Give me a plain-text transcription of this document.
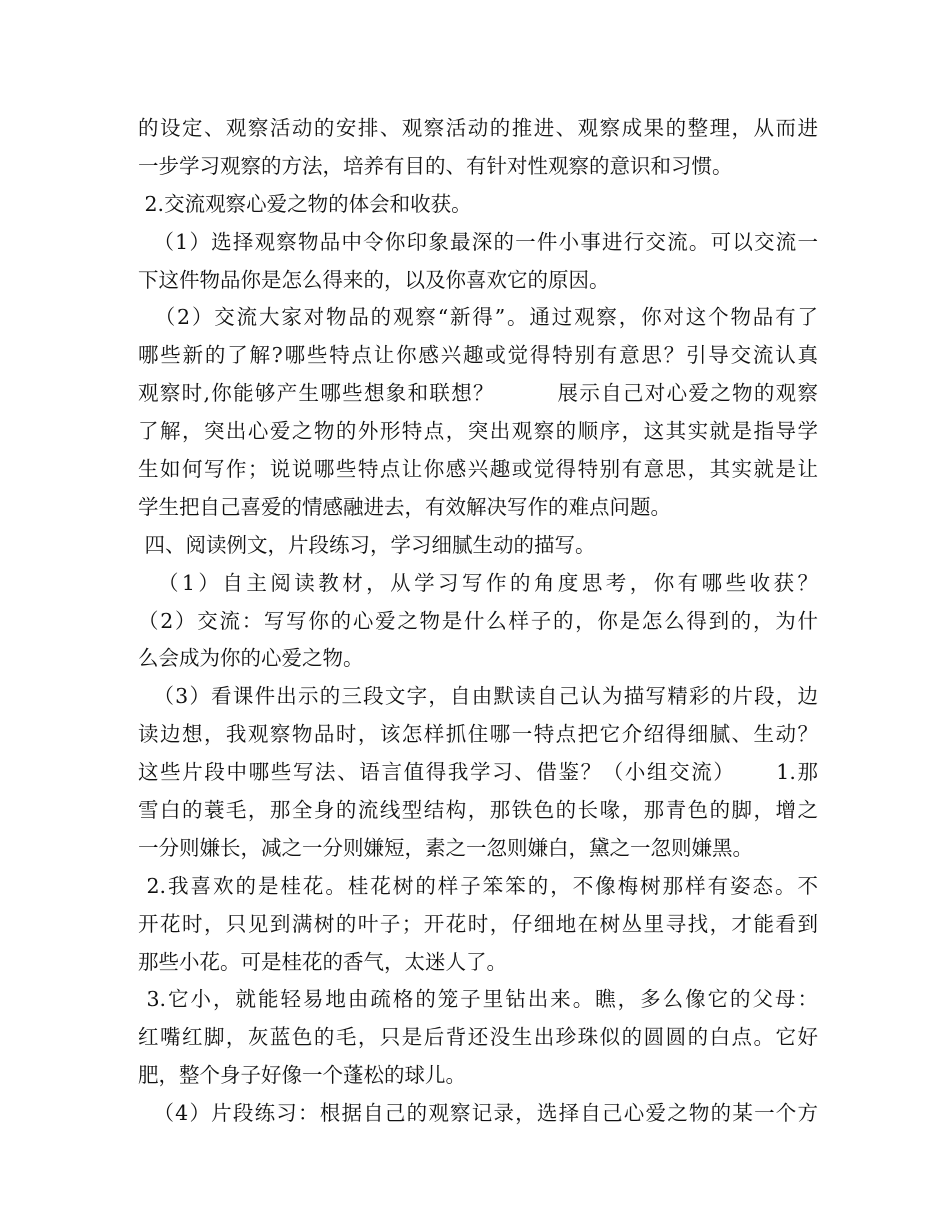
的设定、观察活动的安排、观察活动的推进、观察成果的整理，从而进
一步学习观察的方法，培养有目的、有针对性观察的意识和习惯。
2.交流观察心爱之物的体会和收获。
（1）选择观察物品中令你印象最深的一件小事进行交流。可以交流一
下这件物品你是怎么得来的，以及你喜欢它的原因。
（2）交流大家对物品的观察“新得”。通过观察，你对这个物品有了
哪些新的了解?哪些特点让你感兴趣或觉得特别有意思？引导交流认真
观察时,你能够产生哪些想象和联想？        展示自己对心爱之物的观察
了解，突出心爱之物的外形特点，突出观察的顺序，这其实就是指导学
生如何写作；说说哪些特点让你感兴趣或觉得特别有意思，其实就是让
学生把自己喜爱的情感融进去，有效解决写作的难点问题。
四、阅读例文，片段练习，学习细腻生动的描写。
（1）自主阅读教材，从学习写作的角度思考，你有哪些收获？
（2）交流：写写你的心爱之物是什么样子的，你是怎么得到的，为什
么会成为你的心爱之物。
（3）看课件出示的三段文字，自由默读自己认为描写精彩的片段，边
读边想，我观察物品时，该怎样抓住哪一特点把它介绍得细腻、生动？
这些片段中哪些写法、语言值得我学习、借鉴？（小组交流）     1.那
雪白的蓑毛，那全身的流线型结构，那铁色的长喙，那青色的脚，增之
一分则嫌长，减之一分则嫌短，素之一忽则嫌白，黛之一忽则嫌黑。
2.我喜欢的是桂花。桂花树的样子笨笨的，不像梅树那样有姿态。不
开花时，只见到满树的叶子；开花时，仔细地在树丛里寻找，才能看到
那些小花。可是桂花的香气，太迷人了。
3.它小，就能轻易地由疏格的笼子里钻出来。瞧，多么像它的父母：
红嘴红脚，灰蓝色的毛，只是后背还没生出珍珠似的圆圆的白点。它好
肥，整个身子好像一个蓬松的球儿。
（4）片段练习：根据自己的观察记录，选择自己心爱之物的某一个方
